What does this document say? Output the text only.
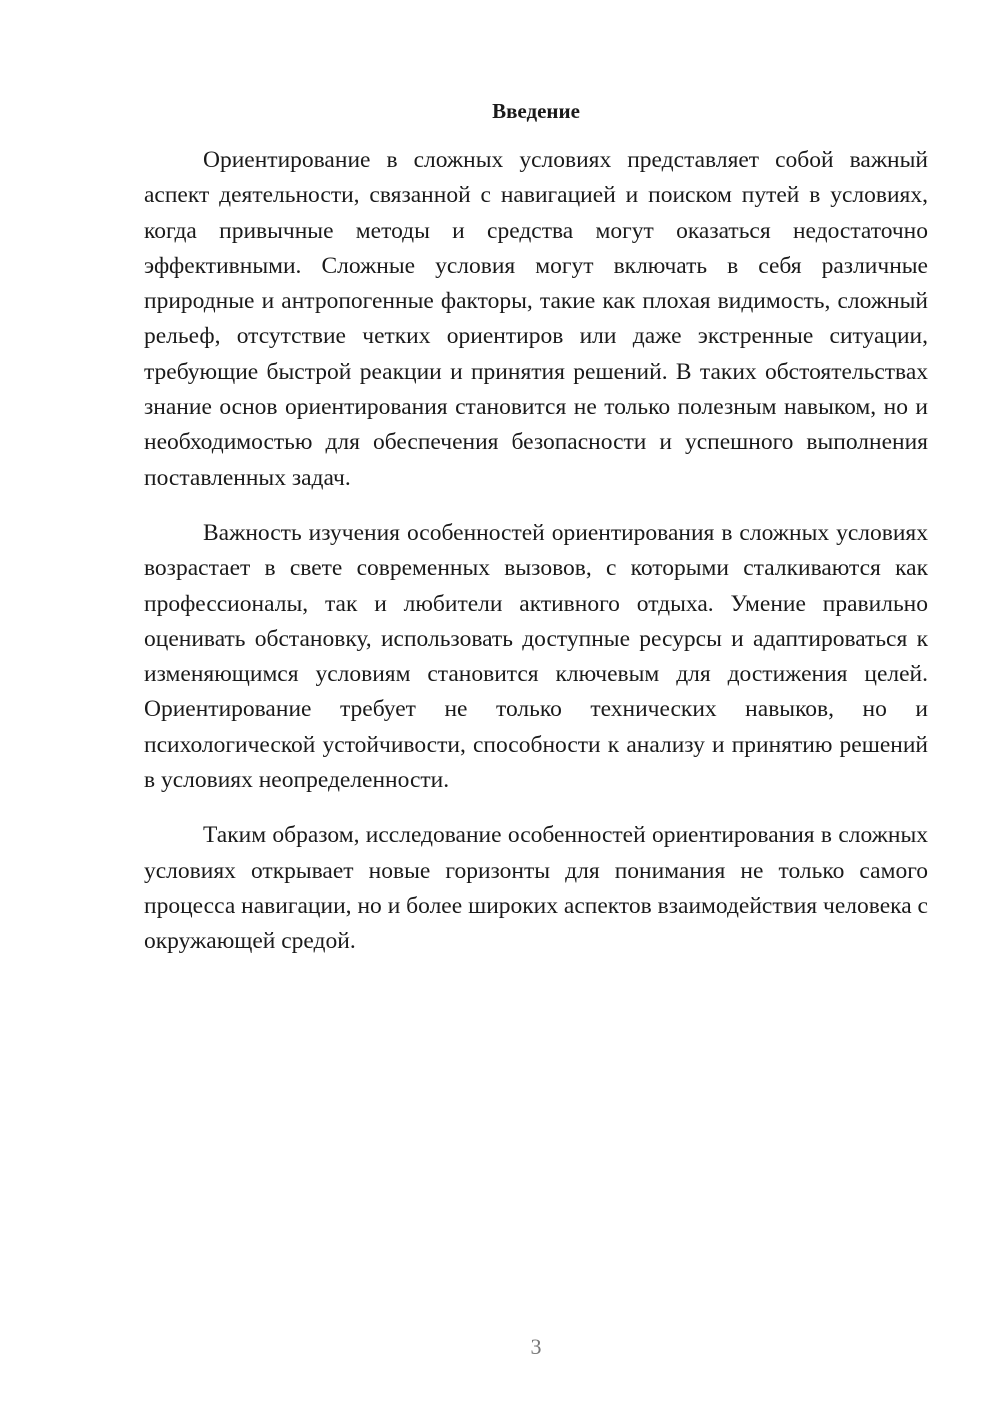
Введение

Ориентирование в сложных условиях представляет собой важный аспект деятельности, связанной с навигацией и поиском путей в условиях, когда привычные методы и средства могут оказаться недостаточно эффективными. Сложные условия могут включать в себя различные природные и антропогенные факторы, такие как плохая видимость, сложный рельеф, отсутствие четких ориентиров или даже экстренные ситуации, требующие быстрой реакции и принятия решений. В таких обстоятельствах знание основ ориентирования становится не только полезным навыком, но и необходимостью для обеспечения безопасности и успешного выполнения поставленных задач.

Важность изучения особенностей ориентирования в сложных условиях возрастает в свете современных вызовов, с которыми сталкиваются как профессионалы, так и любители активного отдыха. Умение правильно оценивать обстановку, использовать доступные ресурсы и адаптироваться к изменяющимся условиям становится ключевым для достижения целей. Ориентирование требует не только технических навыков, но и психологической устойчивости, способности к анализу и принятию решений в условиях неопределенности.

Таким образом, исследование особенностей ориентирования в сложных условиях открывает новые горизонты для понимания не только самого процесса навигации, но и более широких аспектов взаимодействия человека с окружающей средой.

3
